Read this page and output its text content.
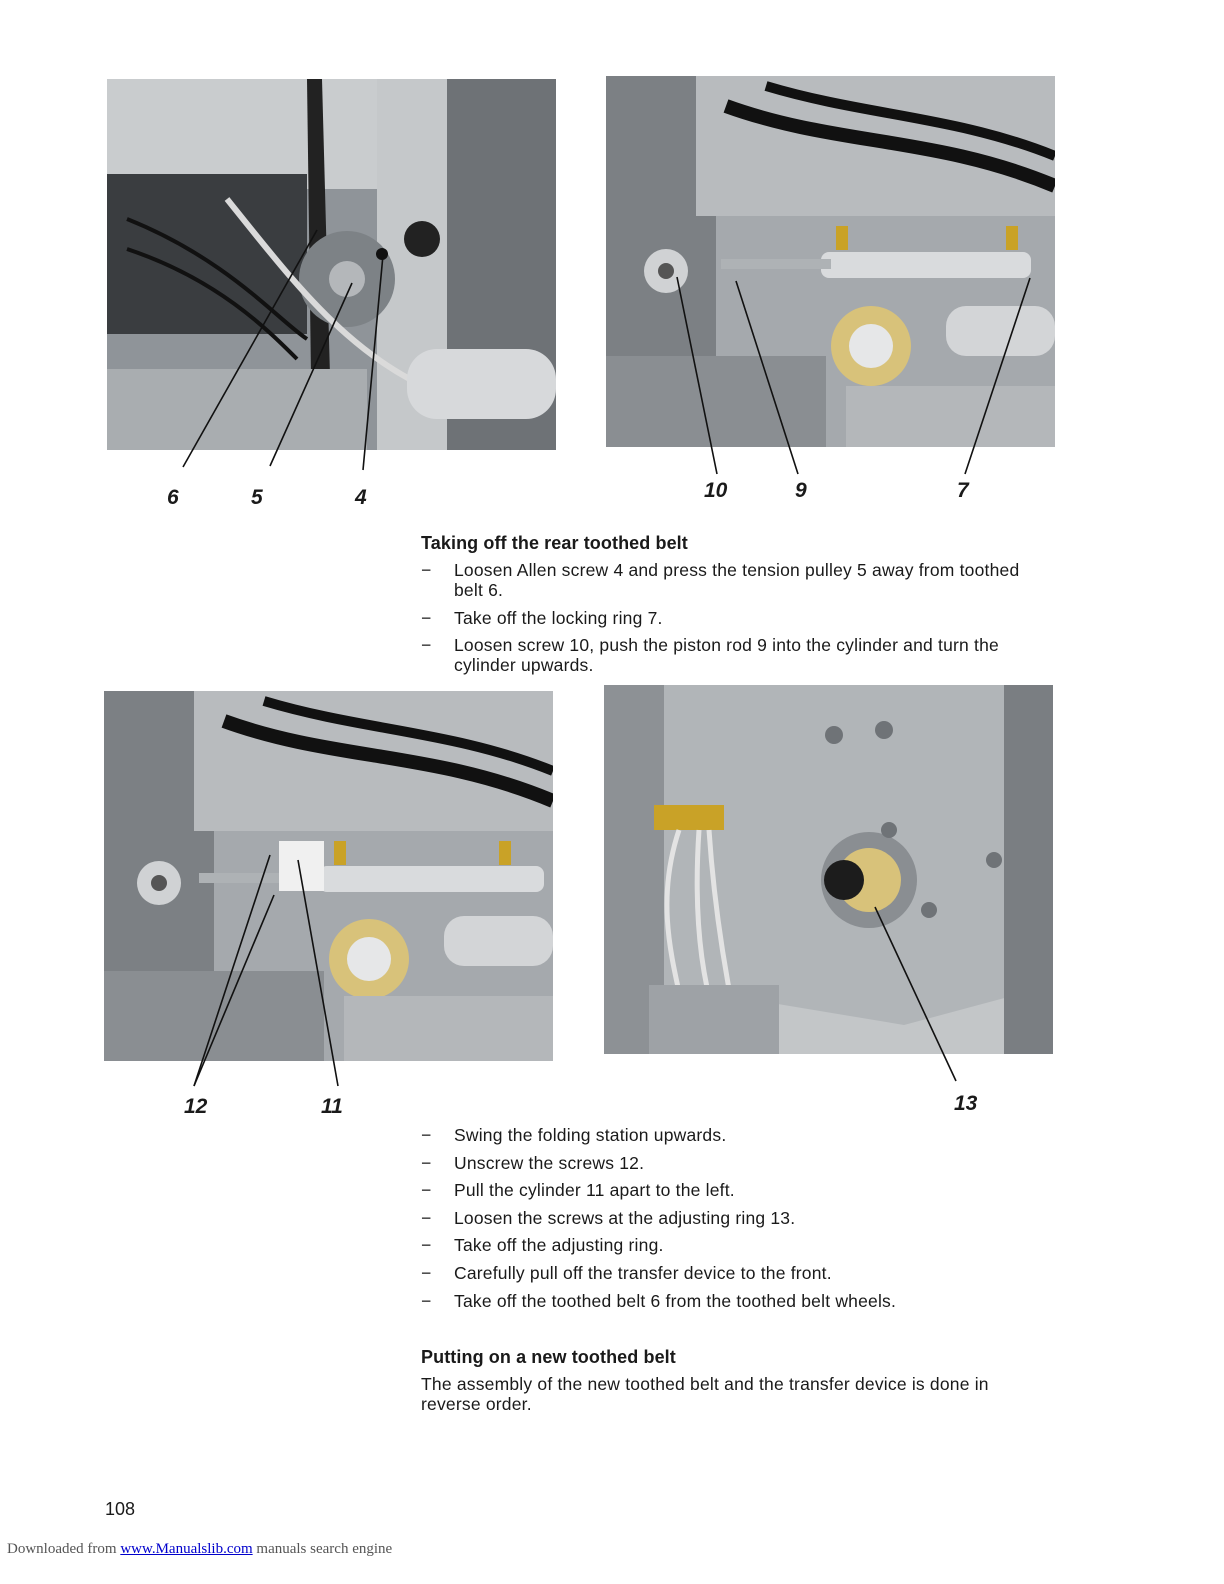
6	5	4	10	9	7
12	11	13
Taking off the rear toothed belt
− Loosen Allen screw 4 and press the tension pulley 5 away from toothed belt 6.
− Take off the locking ring 7.
− Loosen screw 10, push the piston rod 9 into the cylinder and turn the cylinder upwards.
− Swing the folding station upwards.
− Unscrew the screws 12.
− Pull the cylinder 11 apart to the left.
− Loosen the screws at the adjusting ring 13.
− Take off the adjusting ring.
− Carefully pull off the transfer device to the front.
− Take off the toothed belt 6 from the toothed belt wheels.
Putting on a new toothed belt
The assembly of the new toothed belt and the transfer device is done in reverse order.
108
Downloaded from www.Manualslib.com manuals search engine
